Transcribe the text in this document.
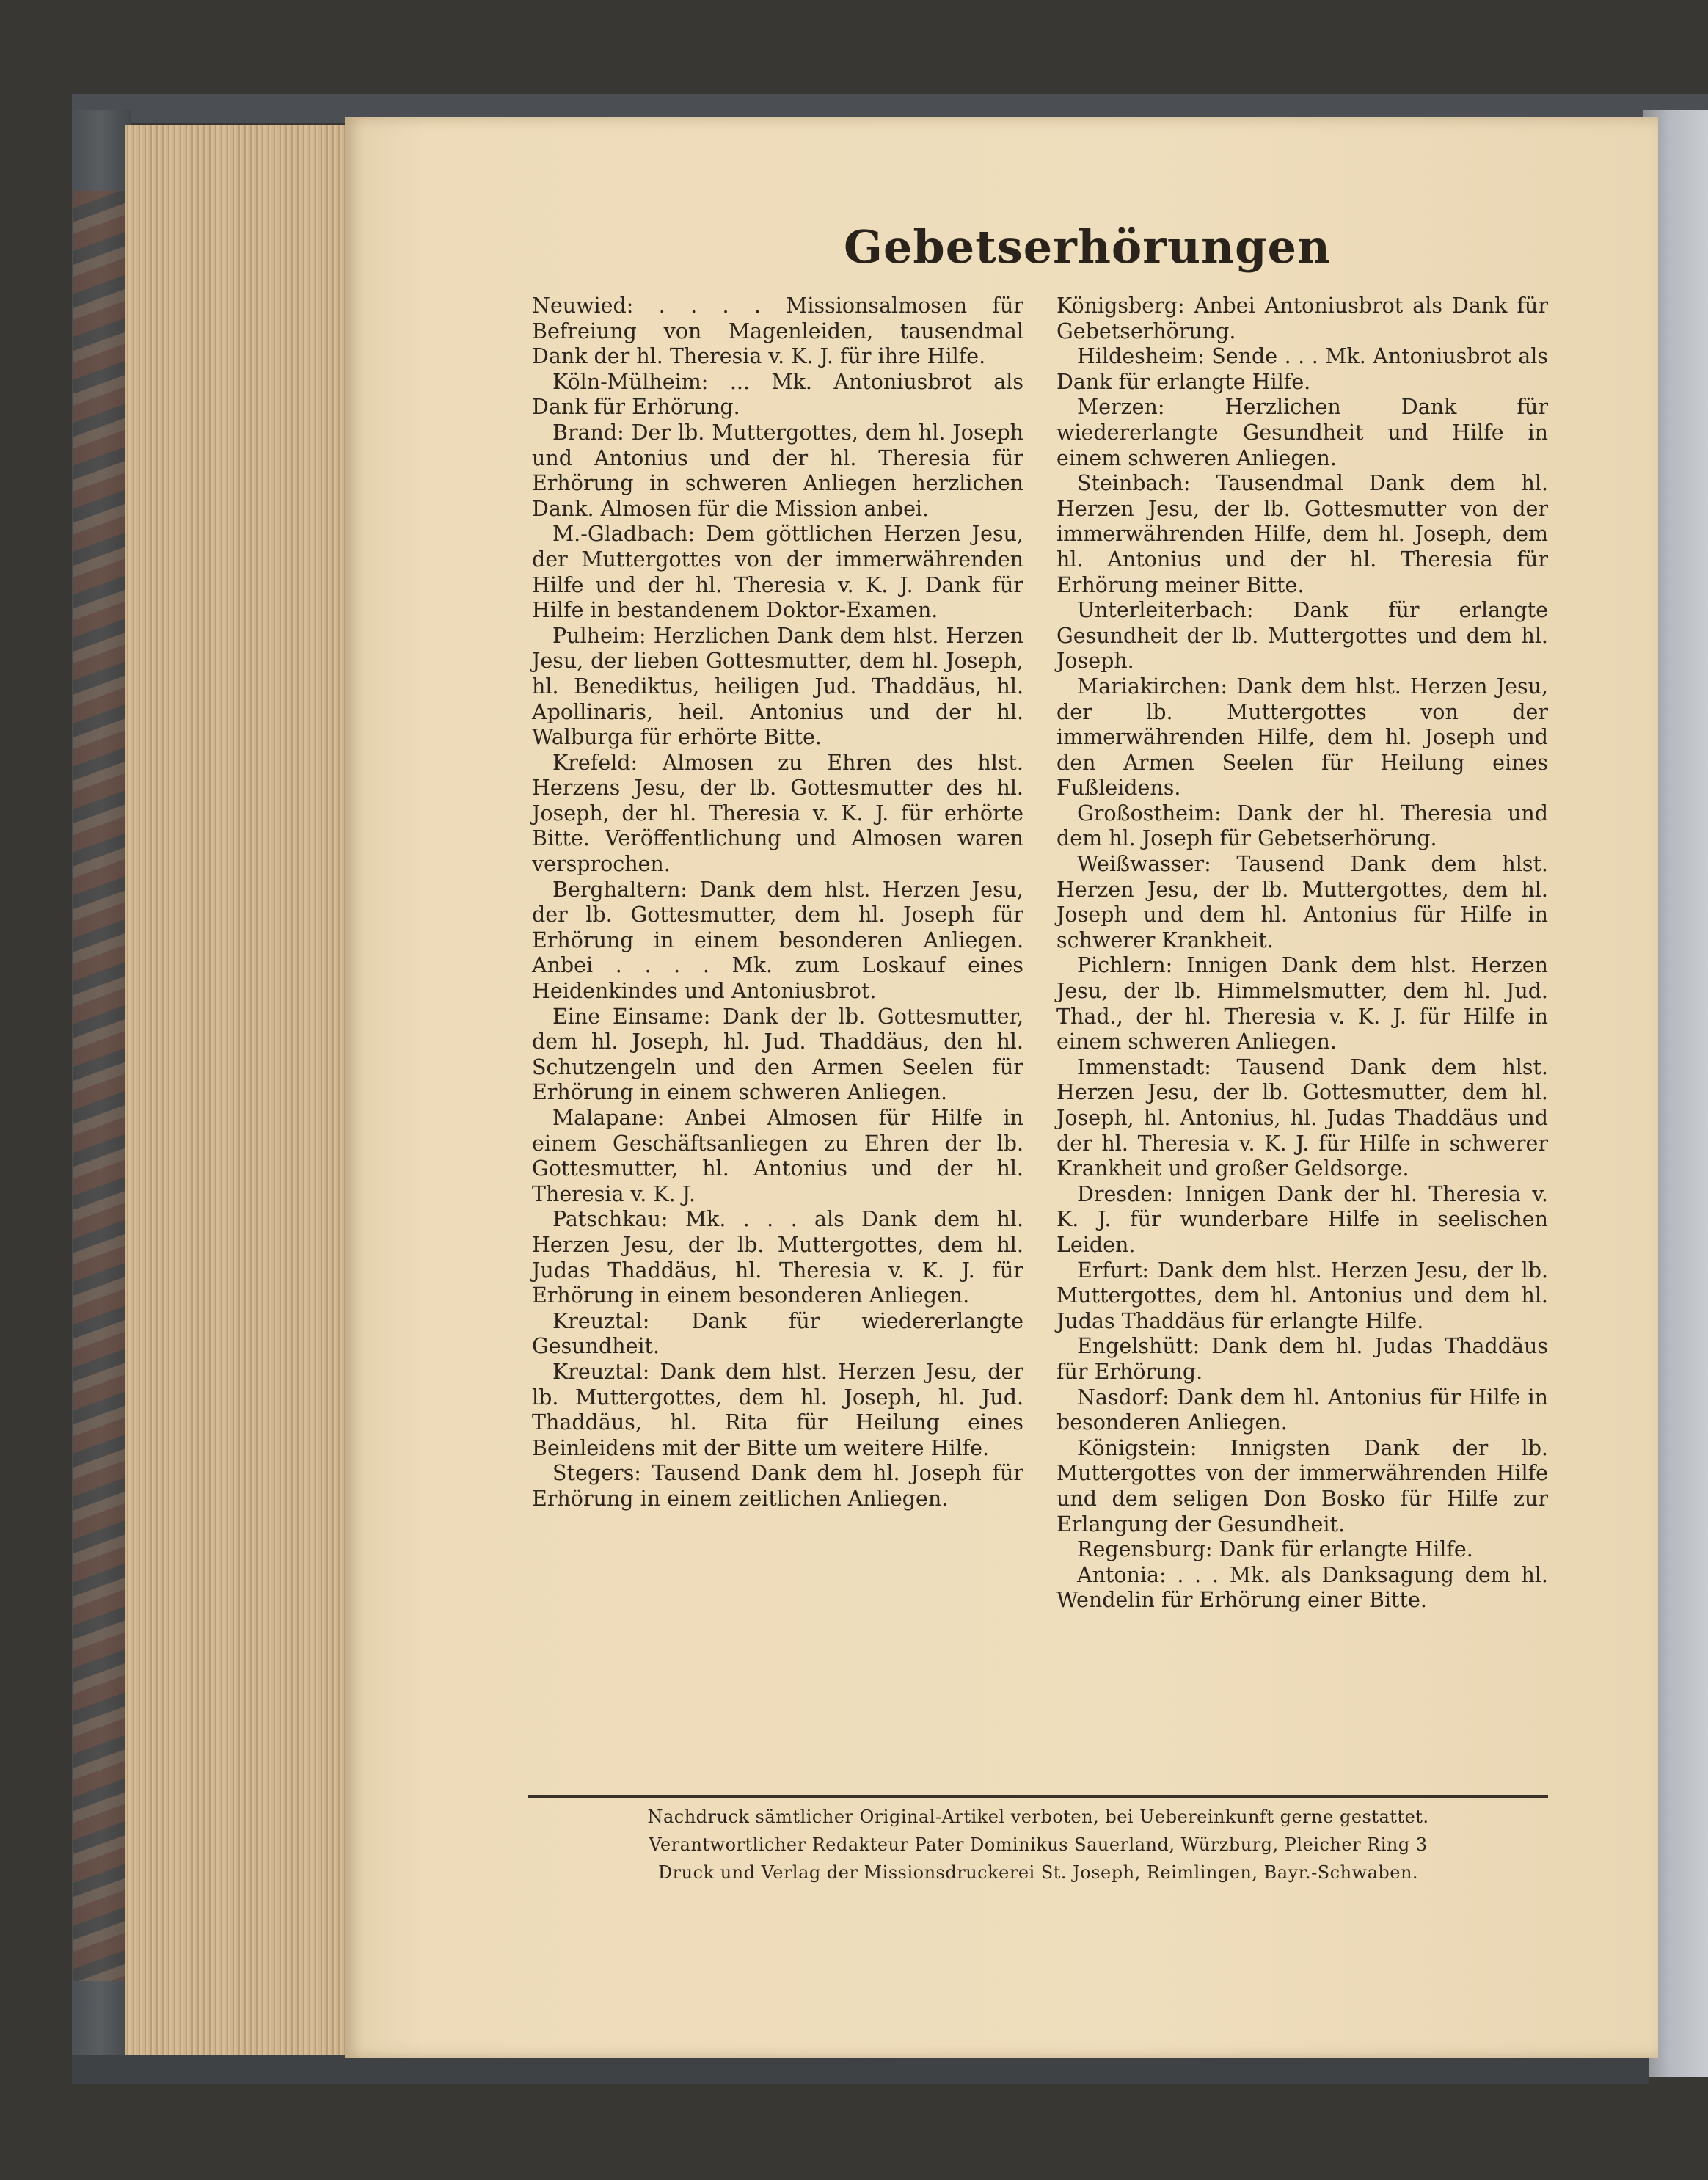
Gebetserhörungen

Neuwied: . . . . Missionsalmosen für Befreiung von Magenleiden, tausendmal Dank der hl. Theresia v. K. J. für ihre Hilfe.

Köln-Mülheim: ... Mk. Antoniusbrot als Dank für Erhörung.

Brand: Der lb. Muttergottes, dem hl. Joseph und Antonius und der hl. Theresia für Erhörung in schweren Anliegen herzlichen Dank. Almosen für die Mission anbei.

M.-Gladbach: Dem göttlichen Herzen Jesu, der Muttergottes von der immerwährenden Hilfe und der hl. Theresia v. K. J. Dank für Hilfe in bestandenem Doktor-Examen.

Pulheim: Herzlichen Dank dem hlst. Herzen Jesu, der lieben Gottesmutter, dem hl. Joseph, hl. Benediktus, heiligen Jud. Thaddäus, hl. Apollinaris, heil. Antonius und der hl. Walburga für erhörte Bitte.

Krefeld: Almosen zu Ehren des hlst. Herzens Jesu, der lb. Gottesmutter des hl. Joseph, der hl. Theresia v. K. J. für erhörte Bitte. Veröffentlichung und Almosen waren versprochen.

Berghaltern: Dank dem hlst. Herzen Jesu, der lb. Gottesmutter, dem hl. Joseph für Erhörung in einem besonderen Anliegen. Anbei . . . . Mk. zum Loskauf eines Heidenkindes und Antoniusbrot.

Eine Einsame: Dank der lb. Gottesmutter, dem hl. Joseph, hl. Jud. Thaddäus, den hl. Schutzengeln und den Armen Seelen für Erhörung in einem schweren Anliegen.

Malapane: Anbei Almosen für Hilfe in einem Geschäftsanliegen zu Ehren der lb. Gottesmutter, hl. Antonius und der hl. Theresia v. K. J.

Patschkau: Mk. . . . als Dank dem hl. Herzen Jesu, der lb. Muttergottes, dem hl. Judas Thaddäus, hl. Theresia v. K. J. für Erhörung in einem besonderen Anliegen.

Kreuztal: Dank für wiedererlangte Gesundheit.

Kreuztal: Dank dem hlst. Herzen Jesu, der lb. Muttergottes, dem hl. Joseph, hl. Jud. Thaddäus, hl. Rita für Heilung eines Beinleidens mit der Bitte um weitere Hilfe.

Stegers: Tausend Dank dem hl. Joseph für Erhörung in einem zeitlichen Anliegen.

Königsberg: Anbei Antoniusbrot als Dank für Gebetserhörung.

Hildesheim: Sende . . . Mk. Antoniusbrot als Dank für erlangte Hilfe.

Merzen: Herzlichen Dank für wiedererlangte Gesundheit und Hilfe in einem schweren Anliegen.

Steinbach: Tausendmal Dank dem hl. Herzen Jesu, der lb. Gottesmutter von der immerwährenden Hilfe, dem hl. Joseph, dem hl. Antonius und der hl. Theresia für Erhörung meiner Bitte.

Unterleiterbach: Dank für erlangte Gesundheit der lb. Muttergottes und dem hl. Joseph.

Mariakirchen: Dank dem hlst. Herzen Jesu, der lb. Muttergottes von der immerwährenden Hilfe, dem hl. Joseph und den Armen Seelen für Heilung eines Fußleidens.

Großostheim: Dank der hl. Theresia und dem hl. Joseph für Gebetserhörung.

Weißwasser: Tausend Dank dem hlst. Herzen Jesu, der lb. Muttergottes, dem hl. Joseph und dem hl. Antonius für Hilfe in schwerer Krankheit.

Pichlern: Innigen Dank dem hlst. Herzen Jesu, der lb. Himmelsmutter, dem hl. Jud. Thad., der hl. Theresia v. K. J. für Hilfe in einem schweren Anliegen.

Immenstadt: Tausend Dank dem hlst. Herzen Jesu, der lb. Gottesmutter, dem hl. Joseph, hl. Antonius, hl. Judas Thaddäus und der hl. Theresia v. K. J. für Hilfe in schwerer Krankheit und großer Geldsorge.

Dresden: Innigen Dank der hl. Theresia v. K. J. für wunderbare Hilfe in seelischen Leiden.

Erfurt: Dank dem hlst. Herzen Jesu, der lb. Muttergottes, dem hl. Antonius und dem hl. Judas Thaddäus für erlangte Hilfe.

Engelshütt: Dank dem hl. Judas Thaddäus für Erhörung.

Nasdorf: Dank dem hl. Antonius für Hilfe in besonderen Anliegen.

Königstein: Innigsten Dank der lb. Muttergottes von der immerwährenden Hilfe und dem seligen Don Bosko für Hilfe zur Erlangung der Gesundheit.

Regensburg: Dank für erlangte Hilfe.

Antonia: . . . Mk. als Danksagung dem hl. Wendelin für Erhörung einer Bitte.

Nachdruck sämtlicher Original-Artikel verboten, bei Uebereinkunft gerne gestattet.
Verantwortlicher Redakteur Pater Dominikus Sauerland, Würzburg, Pleicher Ring 3
Druck und Verlag der Missionsdruckerei St. Joseph, Reimlingen, Bayr.-Schwaben.
